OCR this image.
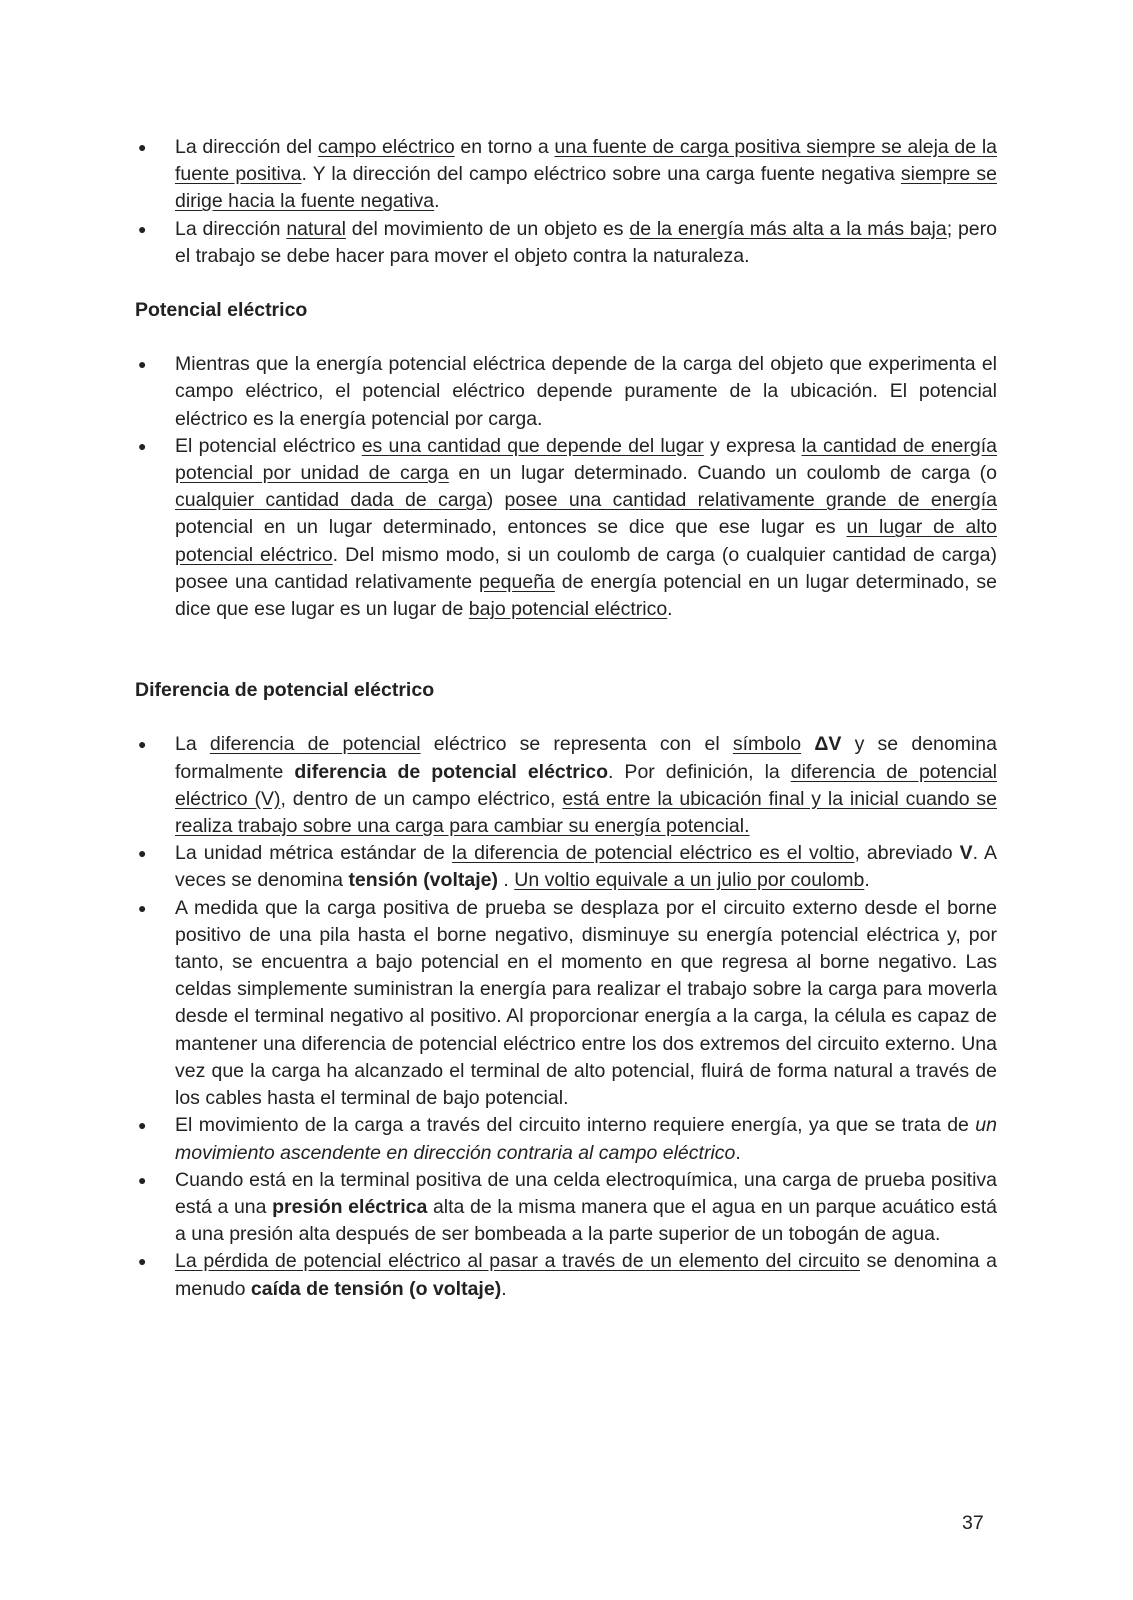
● La dirección del campo eléctrico en torno a una fuente de carga positiva siempre se aleja de la fuente positiva. Y la dirección del campo eléctrico sobre una carga fuente negativa siempre se dirige hacia la fuente negativa.
● La dirección natural del movimiento de un objeto es de la energía más alta a la más baja; pero el trabajo se debe hacer para mover el objeto contra la naturaleza.
Potencial eléctrico
● Mientras que la energía potencial eléctrica depende de la carga del objeto que experimenta el campo eléctrico, el potencial eléctrico depende puramente de la ubicación. El potencial eléctrico es la energía potencial por carga.
● El potencial eléctrico es una cantidad que depende del lugar y expresa la cantidad de energía potencial por unidad de carga en un lugar determinado. Cuando un coulomb de carga (o cualquier cantidad dada de carga) posee una cantidad relativamente grande de energía potencial en un lugar determinado, entonces se dice que ese lugar es un lugar de alto potencial eléctrico. Del mismo modo, si un coulomb de carga (o cualquier cantidad de carga) posee una cantidad relativamente pequeña de energía potencial en un lugar determinado, se dice que ese lugar es un lugar de bajo potencial eléctrico.
Diferencia de potencial eléctrico
● La diferencia de potencial eléctrico se representa con el símbolo ΔV y se denomina formalmente diferencia de potencial eléctrico. Por definición, la diferencia de potencial eléctrico (V), dentro de un campo eléctrico, está entre la ubicación final y la inicial cuando se realiza trabajo sobre una carga para cambiar su energía potencial.
● La unidad métrica estándar de la diferencia de potencial eléctrico es el voltio, abreviado V. A veces se denomina tensión (voltaje) . Un voltio equivale a un julio por coulomb.
● A medida que la carga positiva de prueba se desplaza por el circuito externo desde el borne positivo de una pila hasta el borne negativo, disminuye su energía potencial eléctrica y, por tanto, se encuentra a bajo potencial en el momento en que regresa al borne negativo. Las celdas simplemente suministran la energía para realizar el trabajo sobre la carga para moverla desde el terminal negativo al positivo. Al proporcionar energía a la carga, la célula es capaz de mantener una diferencia de potencial eléctrico entre los dos extremos del circuito externo. Una vez que la carga ha alcanzado el terminal de alto potencial, fluirá de forma natural a través de los cables hasta el terminal de bajo potencial.
● El movimiento de la carga a través del circuito interno requiere energía, ya que se trata de un movimiento ascendente en dirección contraria al campo eléctrico.
● Cuando está en la terminal positiva de una celda electroquímica, una carga de prueba positiva está a una presión eléctrica alta de la misma manera que el agua en un parque acuático está a una presión alta después de ser bombeada a la parte superior de un tobogán de agua.
● La pérdida de potencial eléctrico al pasar a través de un elemento del circuito se denomina a menudo caída de tensión (o voltaje).
37
